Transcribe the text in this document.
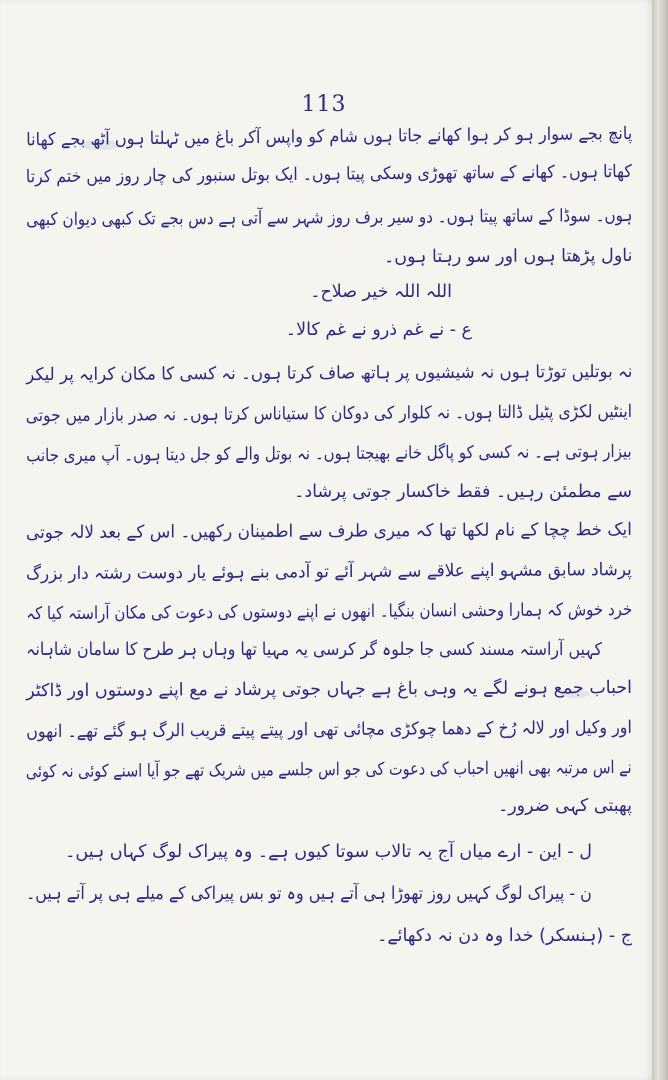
113
پانچ بجے سوار ہو کر ہوا کھانے جاتا ہوں شام کو واپس آکر باغ میں ٹہلتا ہوں آٹھ بجے کھانا
کھاتا ہوں۔ کھانے کے ساتھ تھوڑی وسکی پیتا ہوں۔ ایک بوتل سنبور کی چار روز میں ختم کرتا
ہوں۔ سوڈا کے ساتھ پیتا ہوں۔ دو سیر برف روز شہر سے آتی ہے دس بجے تک کبھی دیوان کبھی
ناول پڑھتا ہوں اور سو رہتا ہوں۔
اللہ اللہ خیر صلاح۔
ع - نے غم ذرو نے غم کالا۔
نہ بوتلیں توڑتا ہوں نہ شیشیوں پر ہاتھ صاف کرتا ہوں۔ نہ کسی کا مکان کرایہ پر لیکر
اینٹیں لکڑی پٹیل ڈالتا ہوں۔ نہ کلوار کی دوکان کا ستیاناس کرتا ہوں۔ نہ صدر بازار میں جوتی
بیزار ہوتی ہے۔ نہ کسی کو پاگل خانے بھیجتا ہوں۔ نہ بوتل والے کو جل دیتا ہوں۔ آپ میری جانب
سے مطمئن رہیں۔ فقط خاکسار جوتی پرشاد۔
ایک خط چچا کے نام لکھا تھا کہ میری طرف سے اطمینان رکھیں۔ اس کے بعد لالہ جوتی
پرشاد سابق مشہو اپنے علاقے سے شہر آئے تو آدمی بنے ہوئے یار دوست رشتہ دار بزرگ
خرد خوش کہ ہمارا وحشی انسان بنگیا۔ انھوں نے اپنے دوستوں کی دعوت کی مکان آراستہ کیا کہ
کہیں آراستہ مسند کسی جا جلوہ گر کرسی یہ مہیا تھا وہاں ہر طرح کا سامان شاہانہ
احباب جمع ہونے لگے یہ وہی باغ ہے جہاں جوتی پرشاد نے مع اپنے دوستوں اور ڈاکٹر
اور وکیل اور لالہ رُخ کے دھما چوکڑی مچائی تھی اور پیتے پیتے قریب الرگ ہو گئے تھے۔ انھوں
نے اس مرتبہ بھی انھیں احباب کی دعوت کی جو اس جلسے میں شریک تھے جو آیا اسنے کوئی نہ کوئی
پھبتی کہی ضرور۔
ل - این - ارے میاں آج یہ تالاب سوتا کیوں ہے۔ وہ پیراک لوگ کہاں ہیں۔
ن - پیراک لوگ کہیں روز تھوڑا ہی آتے ہیں وہ تو بس پیراکی کے میلے ہی پر آتے ہیں۔
ج - (ہنسکر) خدا وہ دن نہ دکھائے۔
